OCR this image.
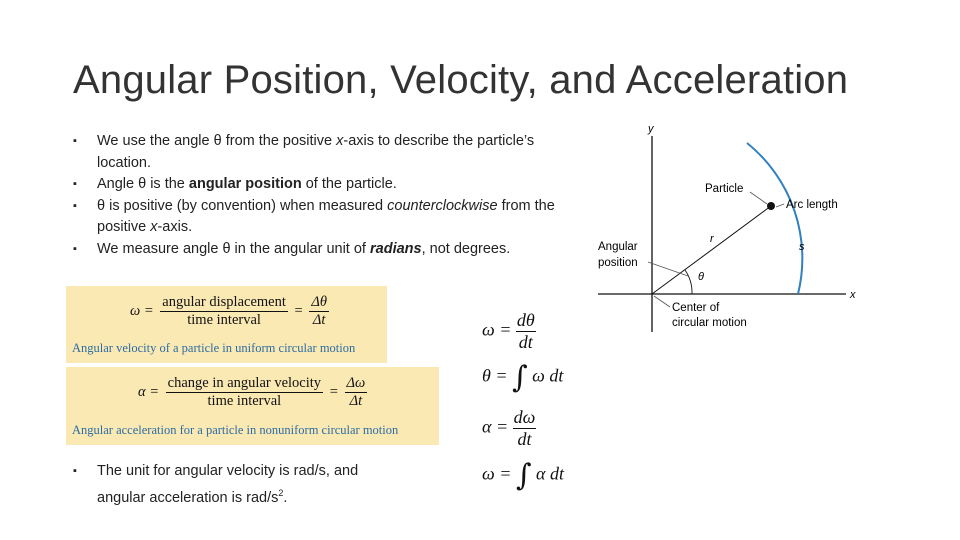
Angular Position, Velocity, and Acceleration
▪ We use the angle θ from the positive x-axis to describe the particle’s location.
▪ Angle θ is the angular position of the particle.
▪ θ is positive (by convention) when measured counterclockwise from the positive x-axis.
▪ We measure angle θ in the angular unit of radians, not degrees.
$\omega = \frac{\text{angular displacement}}{\text{time interval}} = \frac{\Delta\theta}{\Delta t}$
Angular velocity of a particle in uniform circular motion
$\alpha = \frac{\text{change in angular velocity}}{\text{time interval}} = \frac{\Delta\omega}{\Delta t}$
Angular acceleration for a particle in nonuniform circular motion
$\omega = \frac{d\theta}{dt}$
θ = ∫ ω dt
$\alpha = \frac{d\omega}{dt}$
ω = ∫ α dt
▪ The unit for angular velocity is rad/s, and angular acceleration is rad/$s^2$.
y
x
Particle
Arc length
r
s
θ
Angular
position
Center of
circular motion
